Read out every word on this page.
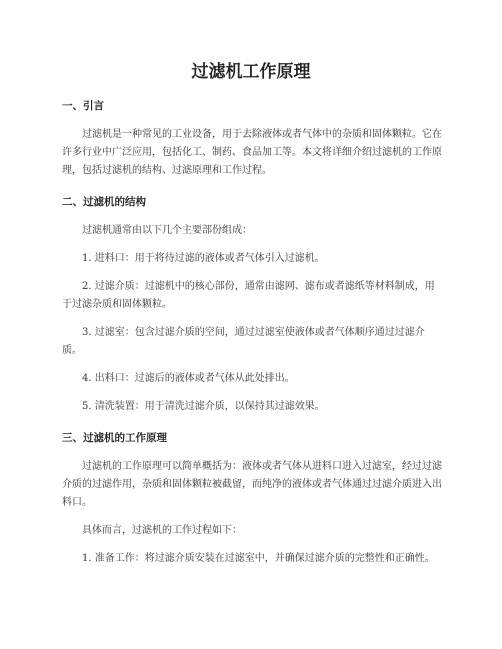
过滤机工作原理
一、引言

过滤机是一种常见的工业设备，用于去除液体或者气体中的杂质和固体颗粒。它在许多行业中广泛应用，包括化工、制药、食品加工等。本文将详细介绍过滤机的工作原理，包括过滤机的结构、过滤原理和工作过程。

二、过滤机的结构

过滤机通常由以下几个主要部份组成：

1. 进料口：用于将待过滤的液体或者气体引入过滤机。

2. 过滤介质：过滤机中的核心部份，通常由滤网、滤布或者滤纸等材料制成，用于过滤杂质和固体颗粒。

3. 过滤室：包含过滤介质的空间，通过过滤室使液体或者气体顺序通过过滤介质。

4. 出料口：过滤后的液体或者气体从此处排出。

5. 清洗装置：用于清洗过滤介质，以保持其过滤效果。

三、过滤机的工作原理

过滤机的工作原理可以简单概括为：液体或者气体从进料口进入过滤室，经过过滤介质的过滤作用，杂质和固体颗粒被截留，而纯净的液体或者气体通过过滤介质进入出料口。

具体而言，过滤机的工作过程如下：

1. 准备工作：将过滤介质安装在过滤室中，并确保过滤介质的完整性和正确性。
